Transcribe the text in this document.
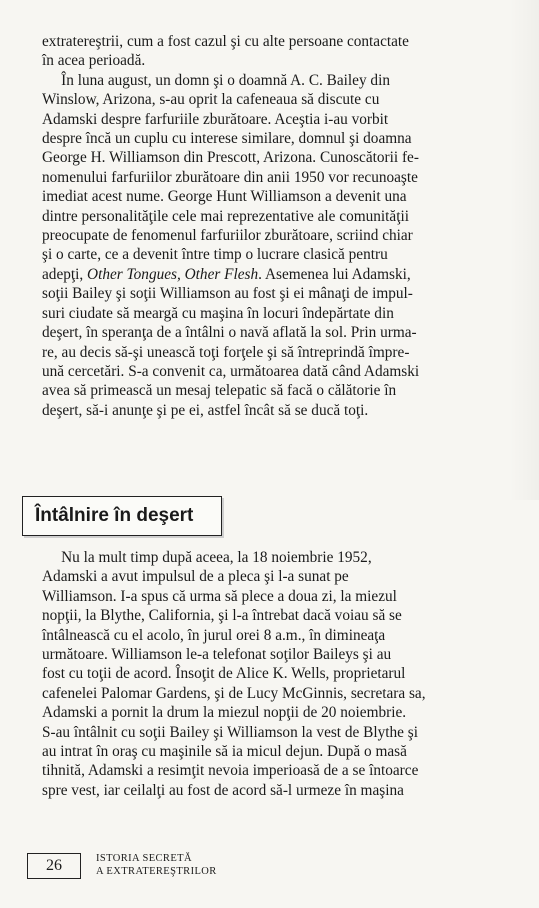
extratereştrii, cum a fost cazul şi cu alte persoane contactate
în acea perioadă.
În luna august, un domn şi o doamnă A. C. Bailey din
Winslow, Arizona, s-au oprit la cafeneaua să discute cu
Adamski despre farfuriile zburătoare. Aceştia i-au vorbit
despre încă un cuplu cu interese similare, domnul şi doamna
George H. Williamson din Prescott, Arizona. Cunoscătorii fe-
nomenului farfuriilor zburătoare din anii 1950 vor recunoaşte
imediat acest nume. George Hunt Williamson a devenit una
dintre personalităţile cele mai reprezentative ale comunităţii
preocupate de fenomenul farfuriilor zburătoare, scriind chiar
şi o carte, ce a devenit între timp o lucrare clasică pentru
adepţi, Other Tongues, Other Flesh. Asemenea lui Adamski,
soţii Bailey şi soţii Williamson au fost şi ei mânaţi de impul-
suri ciudate să meargă cu maşina în locuri îndepărtate din
deşert, în speranţa de a întâlni o navă aflată la sol. Prin urma-
re, au decis să-şi unească toţi forţele şi să întreprindă împre-
ună cercetări. S-a convenit ca, următoarea dată când Adamski
avea să primească un mesaj telepatic să facă o călătorie în
deşert, să-i anunţe şi pe ei, astfel încât să se ducă toţi.
Întâlnire în deşert
Nu la mult timp după aceea, la 18 noiembrie 1952,
Adamski a avut impulsul de a pleca şi l-a sunat pe
Williamson. I-a spus că urma să plece a doua zi, la miezul
nopţii, la Blythe, California, şi l-a întrebat dacă voiau să se
întâlnească cu el acolo, în jurul orei 8 a.m., în dimineaţa
următoare. Williamson le-a telefonat soţilor Baileys şi au
fost cu toţii de acord. Însoţit de Alice K. Wells, proprietarul
cafenelei Palomar Gardens, şi de Lucy McGinnis, secretara sa,
Adamski a pornit la drum la miezul nopţii de 20 noiembrie.
S-au întâlnit cu soţii Bailey şi Williamson la vest de Blythe şi
au intrat în oraş cu maşinile să ia micul dejun. După o masă
tihnită, Adamski a resimţit nevoia imperioasă de a se întoarce
spre vest, iar ceilalţi au fost de acord să-l urmeze în maşina
26	ISTORIA SECRETĂ
A EXTRATEREŞTRILOR
